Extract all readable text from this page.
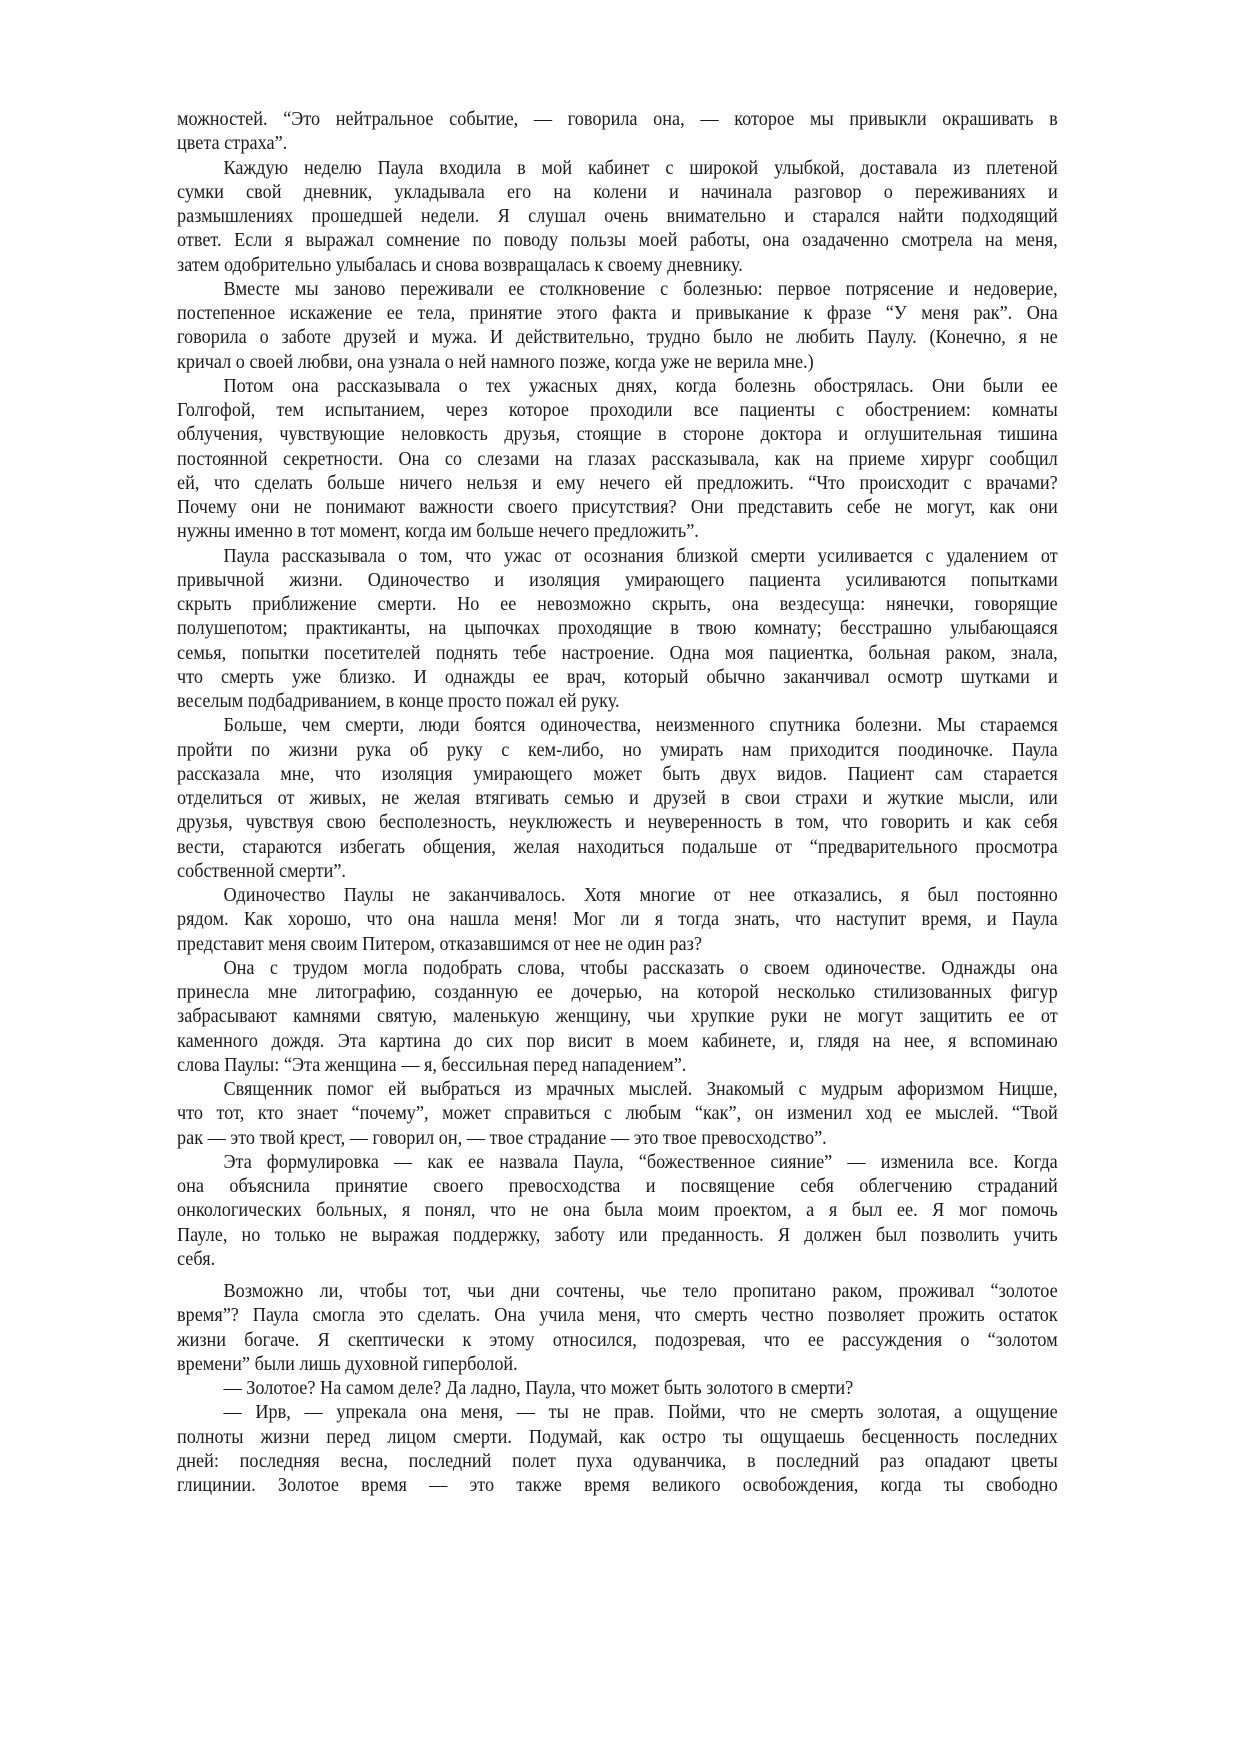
можностей. “Это нейтральное событие, — говорила она, — которое мы привыкли окрашивать в
цвета страха”.
Каждую неделю Паула входила в мой кабинет с широкой улыбкой, доставала из плетеной
сумки свой дневник, укладывала его на колени и начинала разговор о переживаниях и
размышлениях прошедшей недели. Я слушал очень внимательно и старался найти подходящий
ответ. Если я выражал сомнение по поводу пользы моей работы, она озадаченно смотрела на меня,
затем одобрительно улыбалась и снова возвращалась к своему дневнику.
Вместе мы заново переживали ее столкновение с болезнью: первое потрясение и недоверие,
постепенное искажение ее тела, принятие этого факта и привыкание к фразе “У меня рак”. Она
говорила о заботе друзей и мужа. И действительно, трудно было не любить Паулу. (Конечно, я не
кричал о своей любви, она узнала о ней намного позже, когда уже не верила мне.)
Потом она рассказывала о тех ужасных днях, когда болезнь обострялась. Они были ее
Голгофой, тем испытанием, через которое проходили все пациенты с обострением: комнаты
облучения, чувствующие неловкость друзья, стоящие в стороне доктора и оглушительная тишина
постоянной секретности. Она со слезами на глазах рассказывала, как на приеме хирург сообщил
ей, что сделать больше ничего нельзя и ему нечего ей предложить. “Что происходит с врачами?
Почему они не понимают важности своего присутствия? Они представить себе не могут, как они
нужны именно в тот момент, когда им больше нечего предложить”.
Паула рассказывала о том, что ужас от осознания близкой смерти усиливается с удалением от
привычной жизни. Одиночество и изоляция умирающего пациента усиливаются попытками
скрыть приближение смерти. Но ее невозможно скрыть, она вездесуща: нянечки, говорящие
полушепотом; практиканты, на цыпочках проходящие в твою комнату; бесстрашно улыбающаяся
семья, попытки посетителей поднять тебе настроение. Одна моя пациентка, больная раком, знала,
что смерть уже близко. И однажды ее врач, который обычно заканчивал осмотр шутками и
веселым подбадриванием, в конце просто пожал ей руку.
Больше, чем смерти, люди боятся одиночества, неизменного спутника болезни. Мы стараемся
пройти по жизни рука об руку с кем-либо, но умирать нам приходится поодиночке. Паула
рассказала мне, что изоляция умирающего может быть двух видов. Пациент сам старается
отделиться от живых, не желая втягивать семью и друзей в свои страхи и жуткие мысли, или
друзья, чувствуя свою бесполезность, неуклюжесть и неуверенность в том, что говорить и как себя
вести, стараются избегать общения, желая находиться подальше от “предварительного просмотра
собственной смерти”.
Одиночество Паулы не заканчивалось. Хотя многие от нее отказались, я был постоянно
рядом. Как хорошо, что она нашла меня! Мог ли я тогда знать, что наступит время, и Паула
представит меня своим Питером, отказавшимся от нее не один раз?
Она с трудом могла подобрать слова, чтобы рассказать о своем одиночестве. Однажды она
принесла мне литографию, созданную ее дочерью, на которой несколько стилизованных фигур
забрасывают камнями святую, маленькую женщину, чьи хрупкие руки не могут защитить ее от
каменного дождя. Эта картина до сих пор висит в моем кабинете, и, глядя на нее, я вспоминаю
слова Паулы: “Эта женщина — я, бессильная перед нападением”.
Священник помог ей выбраться из мрачных мыслей. Знакомый с мудрым афоризмом Ницше,
что тот, кто знает “почему”, может справиться с любым “как”, он изменил ход ее мыслей. “Твой
рак — это твой крест, — говорил он, — твое страдание — это твое превосходство”.
Эта формулировка — как ее назвала Паула, “божественное сияние” — изменила все. Когда
она объяснила принятие своего превосходства и посвящение себя облегчению страданий
онкологических больных, я понял, что не она была моим проектом, а я был ее. Я мог помочь
Пауле, но только не выражая поддержку, заботу или преданность. Я должен был позволить учить
себя.
Возможно ли, чтобы тот, чьи дни сочтены, чье тело пропитано раком, проживал “золотое
время”? Паула смогла это сделать. Она учила меня, что смерть честно позволяет прожить остаток
жизни богаче. Я скептически к этому относился, подозревая, что ее рассуждения о “золотом
времени” были лишь духовной гиперболой.
— Золотое? На самом деле? Да ладно, Паула, что может быть золотого в смерти?
— Ирв, — упрекала она меня, — ты не прав. Пойми, что не смерть золотая, а ощущение
полноты жизни перед лицом смерти. Подумай, как остро ты ощущаешь бесценность последних
дней: последняя весна, последний полет пуха одуванчика, в последний раз опадают цветы
глицинии. Золотое время — это также время великого освобождения, когда ты свободно
